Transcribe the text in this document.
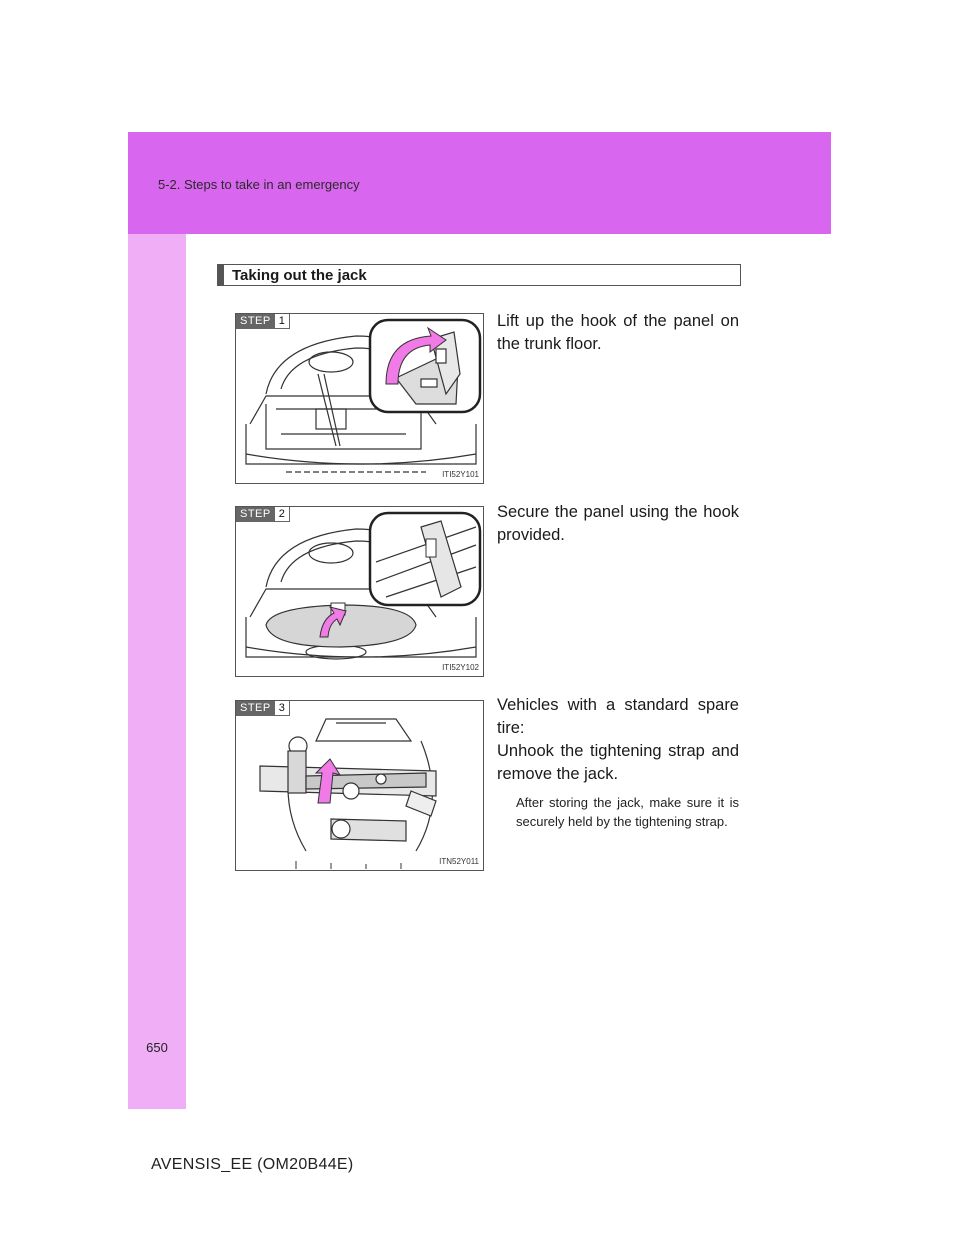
5-2. Steps to take in an emergency
650
Taking out the jack
STEP 1
ITI52Y101
Lift up the hook of the panel on the trunk floor.
STEP 2
ITI52Y102
Secure the panel using the hook provided.
STEP 3
ITN52Y011
Vehicles with a standard spare tire:
Unhook the tightening strap and remove the jack.
After storing the jack, make sure it is securely held by the tightening strap.
AVENSIS_EE (OM20B44E)
